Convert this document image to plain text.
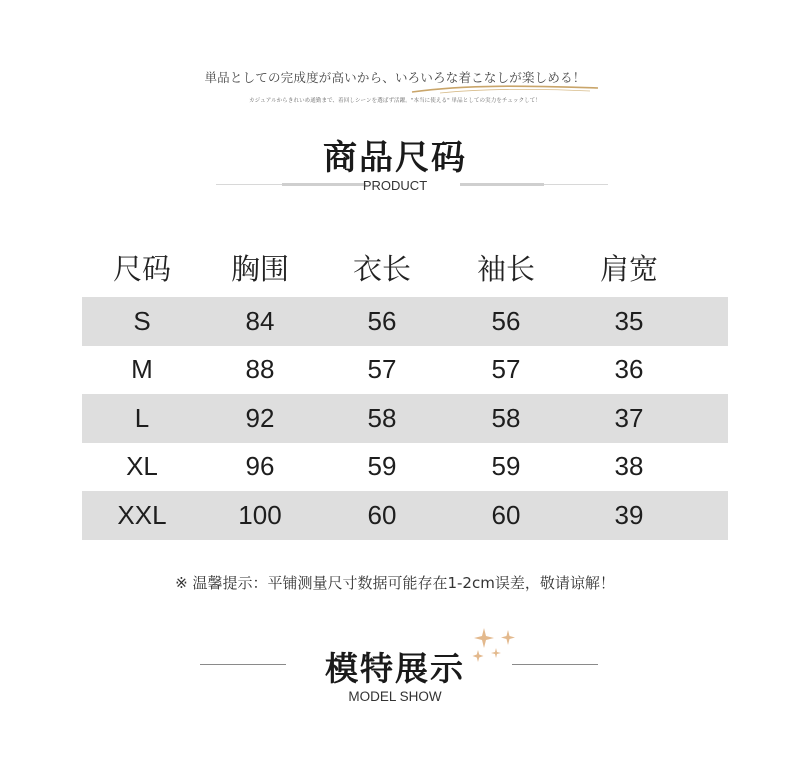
単品としての完成度が高いから、いろいろな着こなしが楽しめる！
カジュアルからきれいめ通勤まで、着回しシーンを選ばず活躍。"本当に使える" 単品としての実力をチェックして！
商品尺码
PRODUCT
尺码	胸围	衣长	袖长	肩宽
S	84	56	56	35
M	88	57	57	36
L	92	58	58	37
XL	96	59	59	38
XXL	100	60	60	39
※ 温馨提示：平铺测量尺寸数据可能存在1-2cm误差，敬请谅解！
模特展示
MODEL SHOW
